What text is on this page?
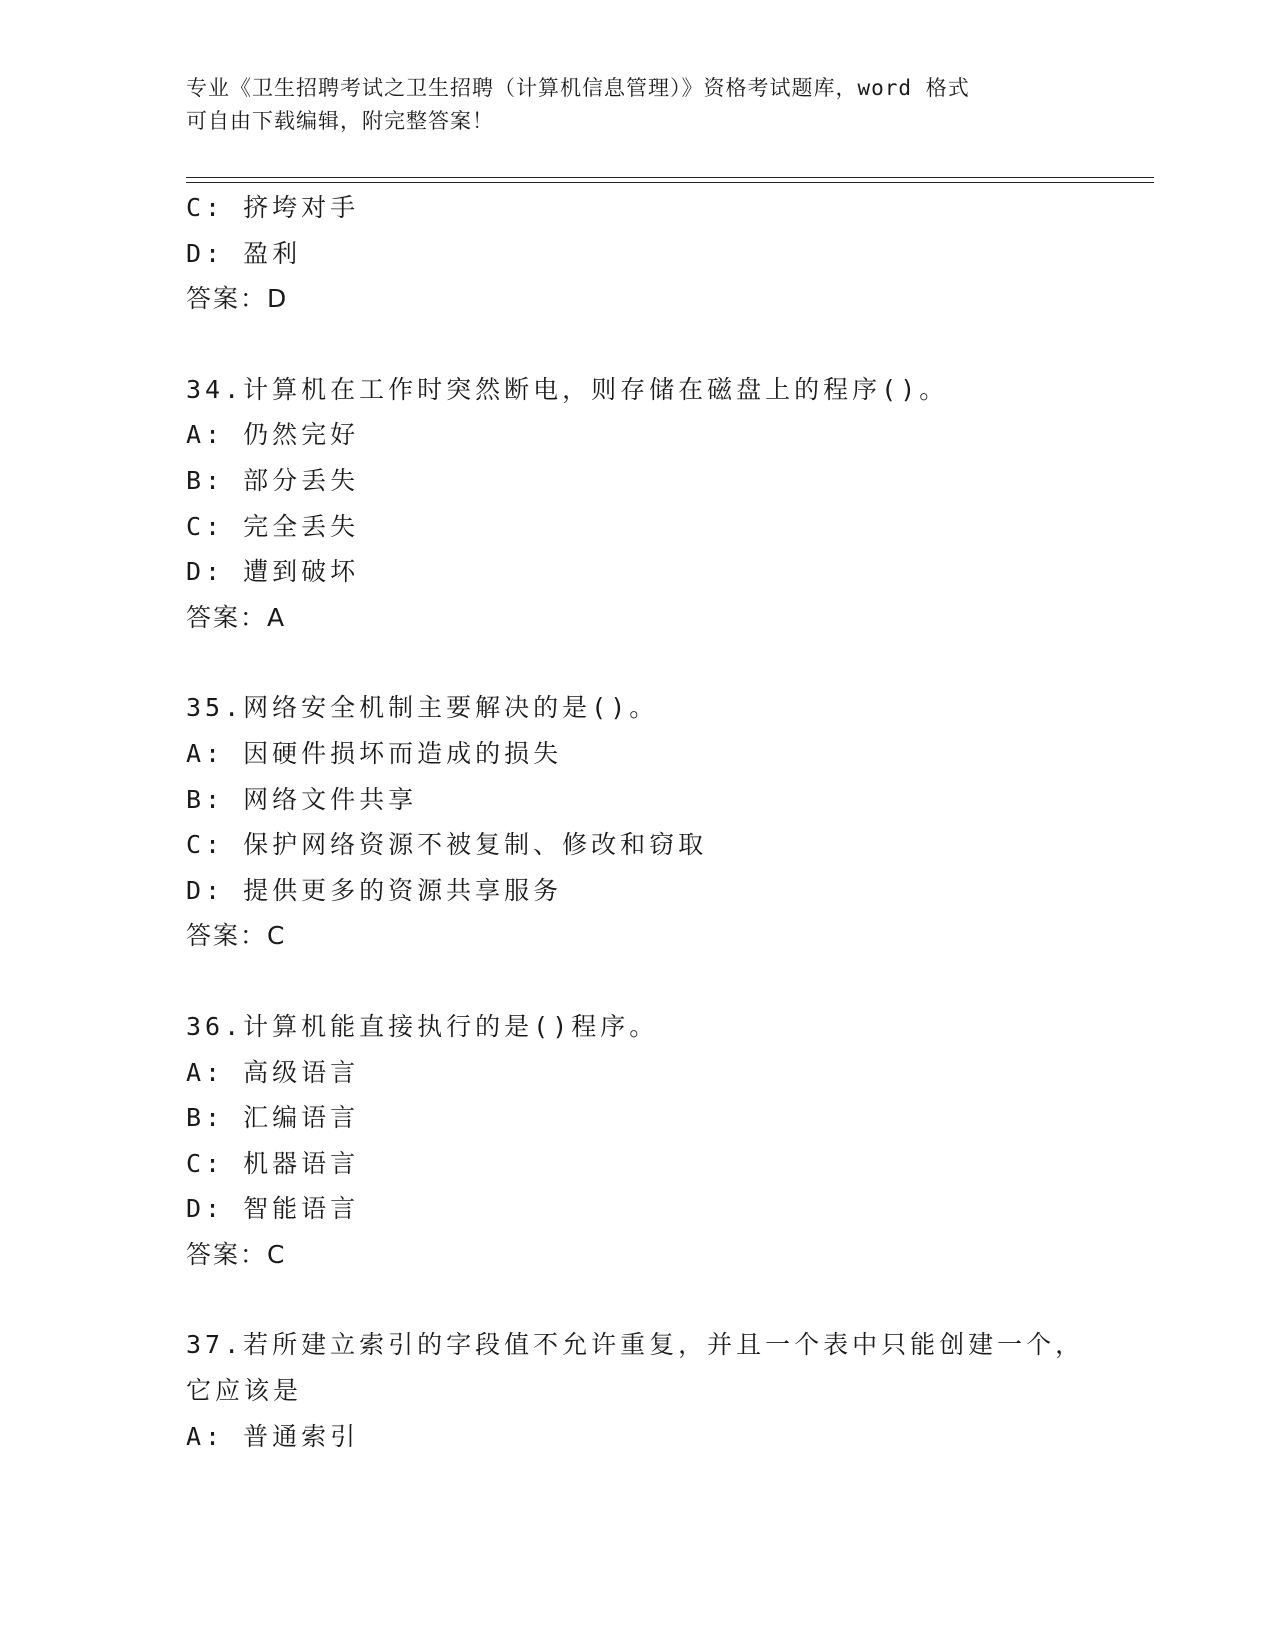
专业《卫生招聘考试之卫生招聘（计算机信息管理）》资格考试题库，word 格式
可自由下载编辑，附完整答案！
C: 挤垮对手
D: 盈利
答案：D
34.计算机在工作时突然断电，则存储在磁盘上的程序()。
A: 仍然完好
B: 部分丢失
C: 完全丢失
D: 遭到破坏
答案：A
35.网络安全机制主要解决的是()。
A: 因硬件损坏而造成的损失
B: 网络文件共享
C: 保护网络资源不被复制、修改和窃取
D: 提供更多的资源共享服务
答案：C
36.计算机能直接执行的是()程序。
A: 高级语言
B: 汇编语言
C: 机器语言
D: 智能语言
答案：C
37.若所建立索引的字段值不允许重复，并且一个表中只能创建一个，
它应该是
A: 普通索引
